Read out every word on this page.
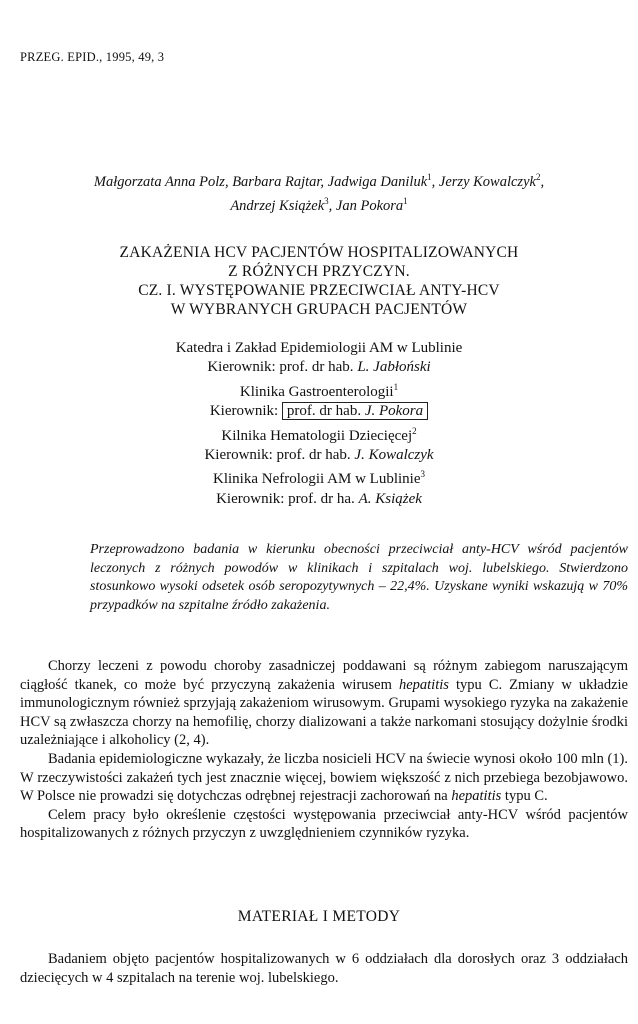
PRZEG. EPID., 1995, 49, 3
Małgorzata Anna Polz, Barbara Rajtar, Jadwiga Daniluk$^1$, Jerzy Kowalczyk$^2$,
Andrzej Książek$^3$, Jan Pokora$^1$
ZAKAŻENIA HCV PACJENTÓW HOSPITALIZOWANYCH
Z RÓŻNYCH PRZYCZYN.
CZ. I. WYSTĘPOWANIE PRZECIWCIAŁ ANTY-HCV
W WYBRANYCH GRUPACH PACJENTÓW
Katedra i Zakład Epidemiologii AM w Lublinie
Kierownik: prof. dr hab. L. Jabłoński
Klinika Gastroenterologii$^1$
Kierownik: prof. dr hab. J. Pokora
Kilnika Hematologii Dziecięcej$^2$
Kierownik: prof. dr hab. J. Kowalczyk
Klinika Nefrologii AM w Lublinie$^3$
Kierownik: prof. dr ha. A. Książek

Przeprowadzono badania w kierunku obecności przeciwciał anty-HCV wśród pacjentów leczonych z różnych powodów w klinikach i szpitalach woj. lubelskiego. Stwierdzono stosunkowo wysoki odsetek osób seropozytywnych – 22,4%. Uzyskane wyniki wskazują w 70% przypadków na szpitalne źródło zakażenia.

Chorzy leczeni z powodu choroby zasadniczej poddawani są różnym zabiegom naruszającym ciągłość tkanek, co może być przyczyną zakażenia wirusem hepatitis typu C. Zmiany w układzie immunologicznym również sprzyjają zakażeniom wirusowym. Grupami wysokiego ryzyka na zakażenie HCV są zwłaszcza chorzy na hemofilię, chorzy dializowani a także narkomani stosujący dożylnie środki uzależniające i alkoholicy (2, 4).

Badania epidemiologiczne wykazały, że liczba nosicieli HCV na świecie wynosi około 100 mln (1). W rzeczywistości zakażeń tych jest znacznie więcej, bowiem większość z nich przebiega bezobjawowo. W Polsce nie prowadzi się dotychczas odrębnej rejestracji zachorowań na hepatitis typu C.

Celem pracy było określenie częstości występowania przeciwciał anty-HCV wśród pacjentów hospitalizowanych z różnych przyczyn z uwzględnieniem czynników ryzyka.

MATERIAŁ I METODY

Badaniem objęto pacjentów hospitalizowanych w 6 oddziałach dla dorosłych oraz 3 oddziałach dziecięcych w 4 szpitalach na terenie woj. lubelskiego.
